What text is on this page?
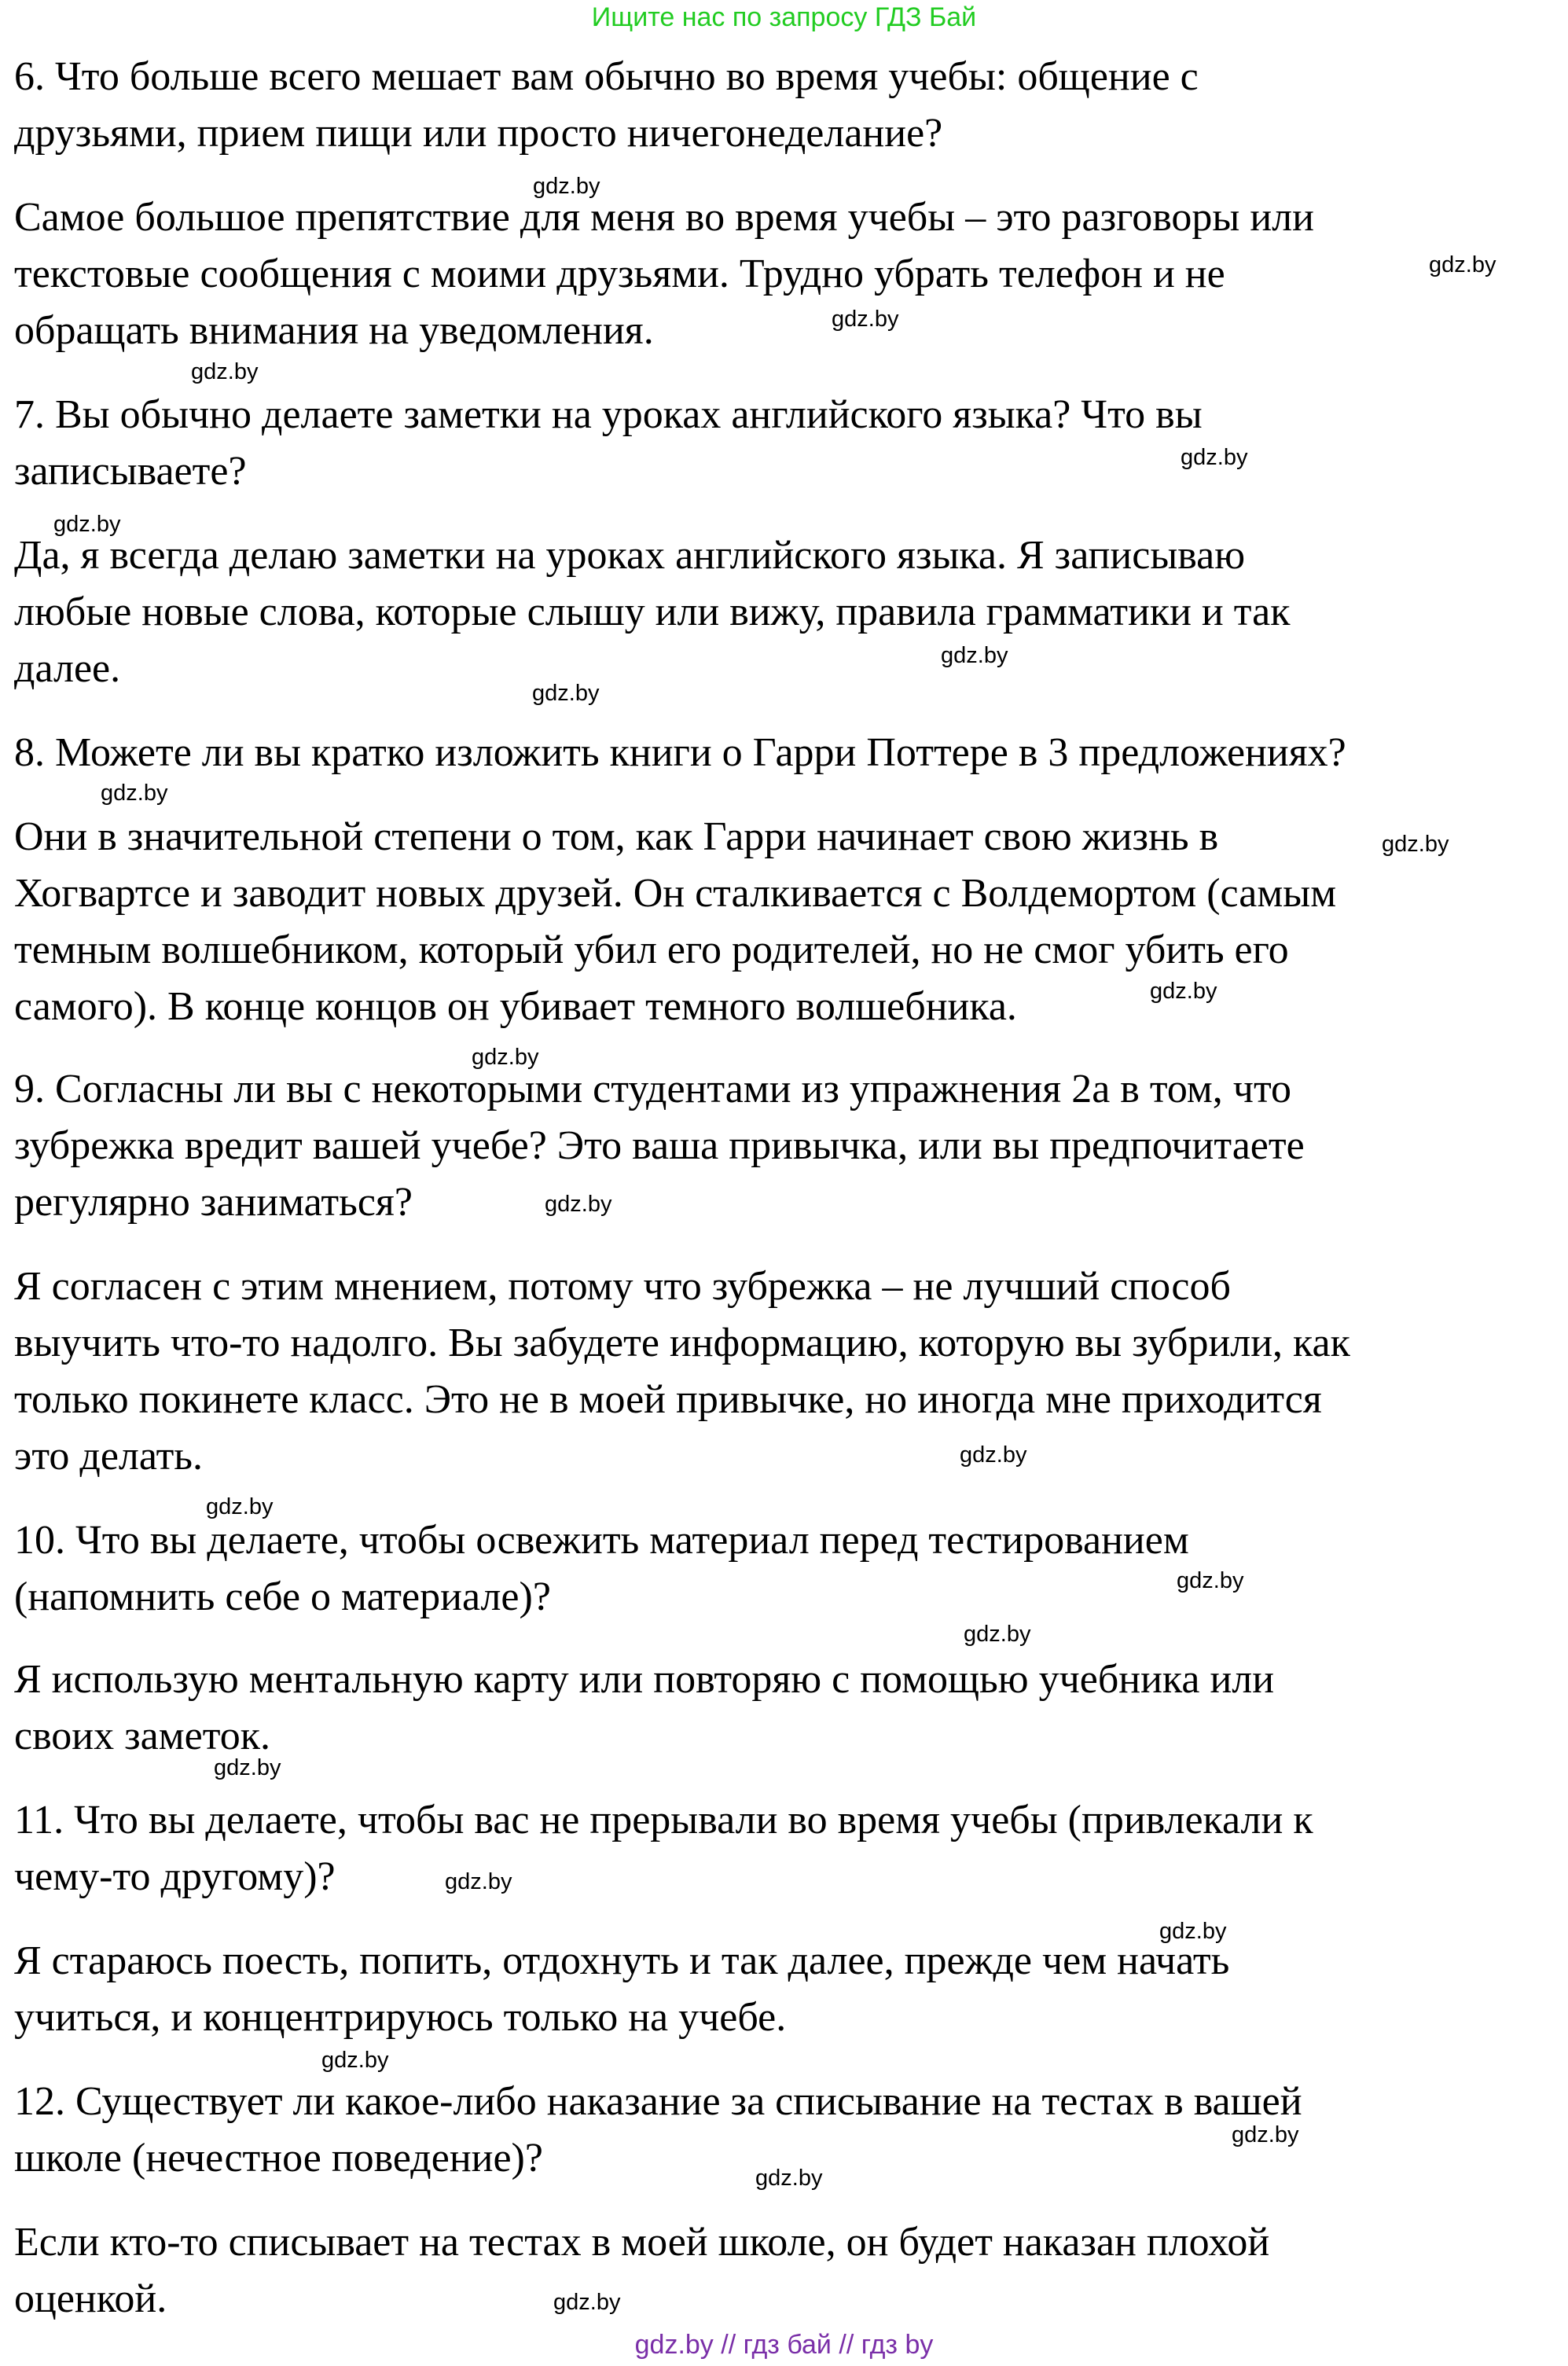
Ищите нас по запросу ГДЗ Бай
6. Что больше всего мешает вам обычно во время учебы: общение с
друзьями, прием пищи или просто ничегонеделание?
Самое большое препятствие для меня во время учебы – это разговоры или
текстовые сообщения с моими друзьями. Трудно убрать телефон и не
обращать внимания на уведомления.
7. Вы обычно делаете заметки на уроках английского языка? Что вы
записываете?
Да, я всегда делаю заметки на уроках английского языка. Я записываю
любые новые слова, которые слышу или вижу, правила грамматики и так
далее.
8. Можете ли вы кратко изложить книги о Гарри Поттере в 3 предложениях?
Они в значительной степени о том, как Гарри начинает свою жизнь в
Хогвартсе и заводит новых друзей. Он сталкивается с Волдемортом (самым
темным волшебником, который убил его родителей, но не смог убить его
самого). В конце концов он убивает темного волшебника.
9. Согласны ли вы с некоторыми студентами из упражнения 2а в том, что
зубрежка вредит вашей учебе? Это ваша привычка, или вы предпочитаете
регулярно заниматься?
Я согласен с этим мнением, потому что зубрежка – не лучший способ
выучить что-то надолго. Вы забудете информацию, которую вы зубрили, как
только покинете класс. Это не в моей привычке, но иногда мне приходится
это делать.
10. Что вы делаете, чтобы освежить материал перед тестированием
(напомнить себе о материале)?
Я использую ментальную карту или повторяю с помощью учебника или
своих заметок.
11. Что вы делаете, чтобы вас не прерывали во время учебы (привлекали к
чему-то другому)?
Я стараюсь поесть, попить, отдохнуть и так далее, прежде чем начать
учиться, и концентрируюсь только на учебе.
12. Существует ли какое-либо наказание за списывание на тестах в вашей
школе (нечестное поведение)?
Если кто-то списывает на тестах в моей школе, он будет наказан плохой
оценкой.
gdz.by
gdz.by
gdz.by
gdz.by
gdz.by
gdz.by
gdz.by
gdz.by
gdz.by
gdz.by
gdz.by
gdz.by
gdz.by
gdz.by
gdz.by
gdz.by
gdz.by
gdz.by
gdz.by
gdz.by
gdz.by
gdz.by
gdz.by
gdz.by
gdz.by // гдз бай // гдз by
